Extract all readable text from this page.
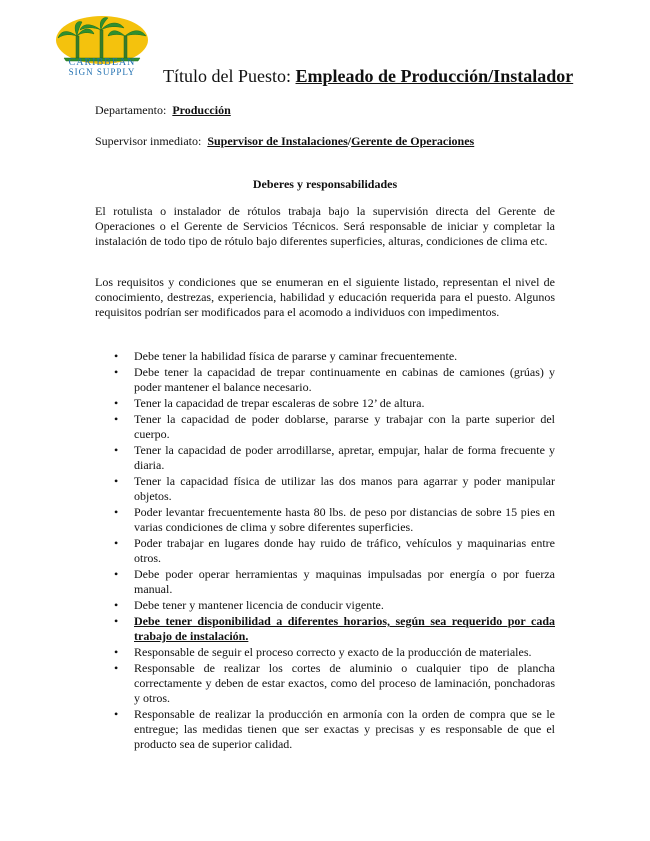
CARIBBEAN
SIGN SUPPLY	Título del Puesto: Empleado de Producción/Instalador
Departamento: Producción
Supervisor inmediato: Supervisor de Instalaciones/Gerente de Operaciones
Deberes y responsabilidades

El rotulista o instalador de rótulos trabaja bajo la supervisión directa del Gerente de Operaciones o el Gerente de Servicios Técnicos. Será responsable de iniciar y completar la instalación de todo tipo de rótulo bajo diferentes superficies, alturas, condiciones de clima etc.

Los requisitos y condiciones que se enumeran en el siguiente listado, representan el nivel de conocimiento, destrezas, experiencia, habilidad y educación requerida para el puesto. Algunos requisitos podrían ser modificados para el acomodo a individuos con impedimentos.

• Debe tener la habilidad física de pararse y caminar frecuentemente.
• Debe tener la capacidad de trepar continuamente en cabinas de camiones (grúas) y poder mantener el balance necesario.
• Tener la capacidad de trepar escaleras de sobre 12’ de altura.
• Tener la capacidad de poder doblarse, pararse y trabajar con la parte superior del cuerpo.
• Tener la capacidad de poder arrodillarse, apretar, empujar, halar de forma frecuente y diaria.
• Tener la capacidad física de utilizar las dos manos para agarrar y poder manipular objetos.
• Poder levantar frecuentemente hasta 80 lbs. de peso por distancias de sobre 15 pies en varias condiciones de clima y sobre diferentes superficies.
• Poder trabajar en lugares donde hay ruido de tráfico, vehículos y maquinarias entre otros.
• Debe poder operar herramientas y maquinas impulsadas por energía o por fuerza manual.
• Debe tener y mantener licencia de conducir vigente.
• Debe tener disponibilidad a diferentes horarios, según sea requerido por cada trabajo de instalación.
• Responsable de seguir el proceso correcto y exacto de la producción de materiales.
• Responsable de realizar los cortes de aluminio o cualquier tipo de plancha correctamente y deben de estar exactos, como del proceso de laminación, ponchadoras y otros.
• Responsable de realizar la producción en armonía con la orden de compra que se le entregue; las medidas tienen que ser exactas y precisas y es responsable de que el producto sea de superior calidad.
